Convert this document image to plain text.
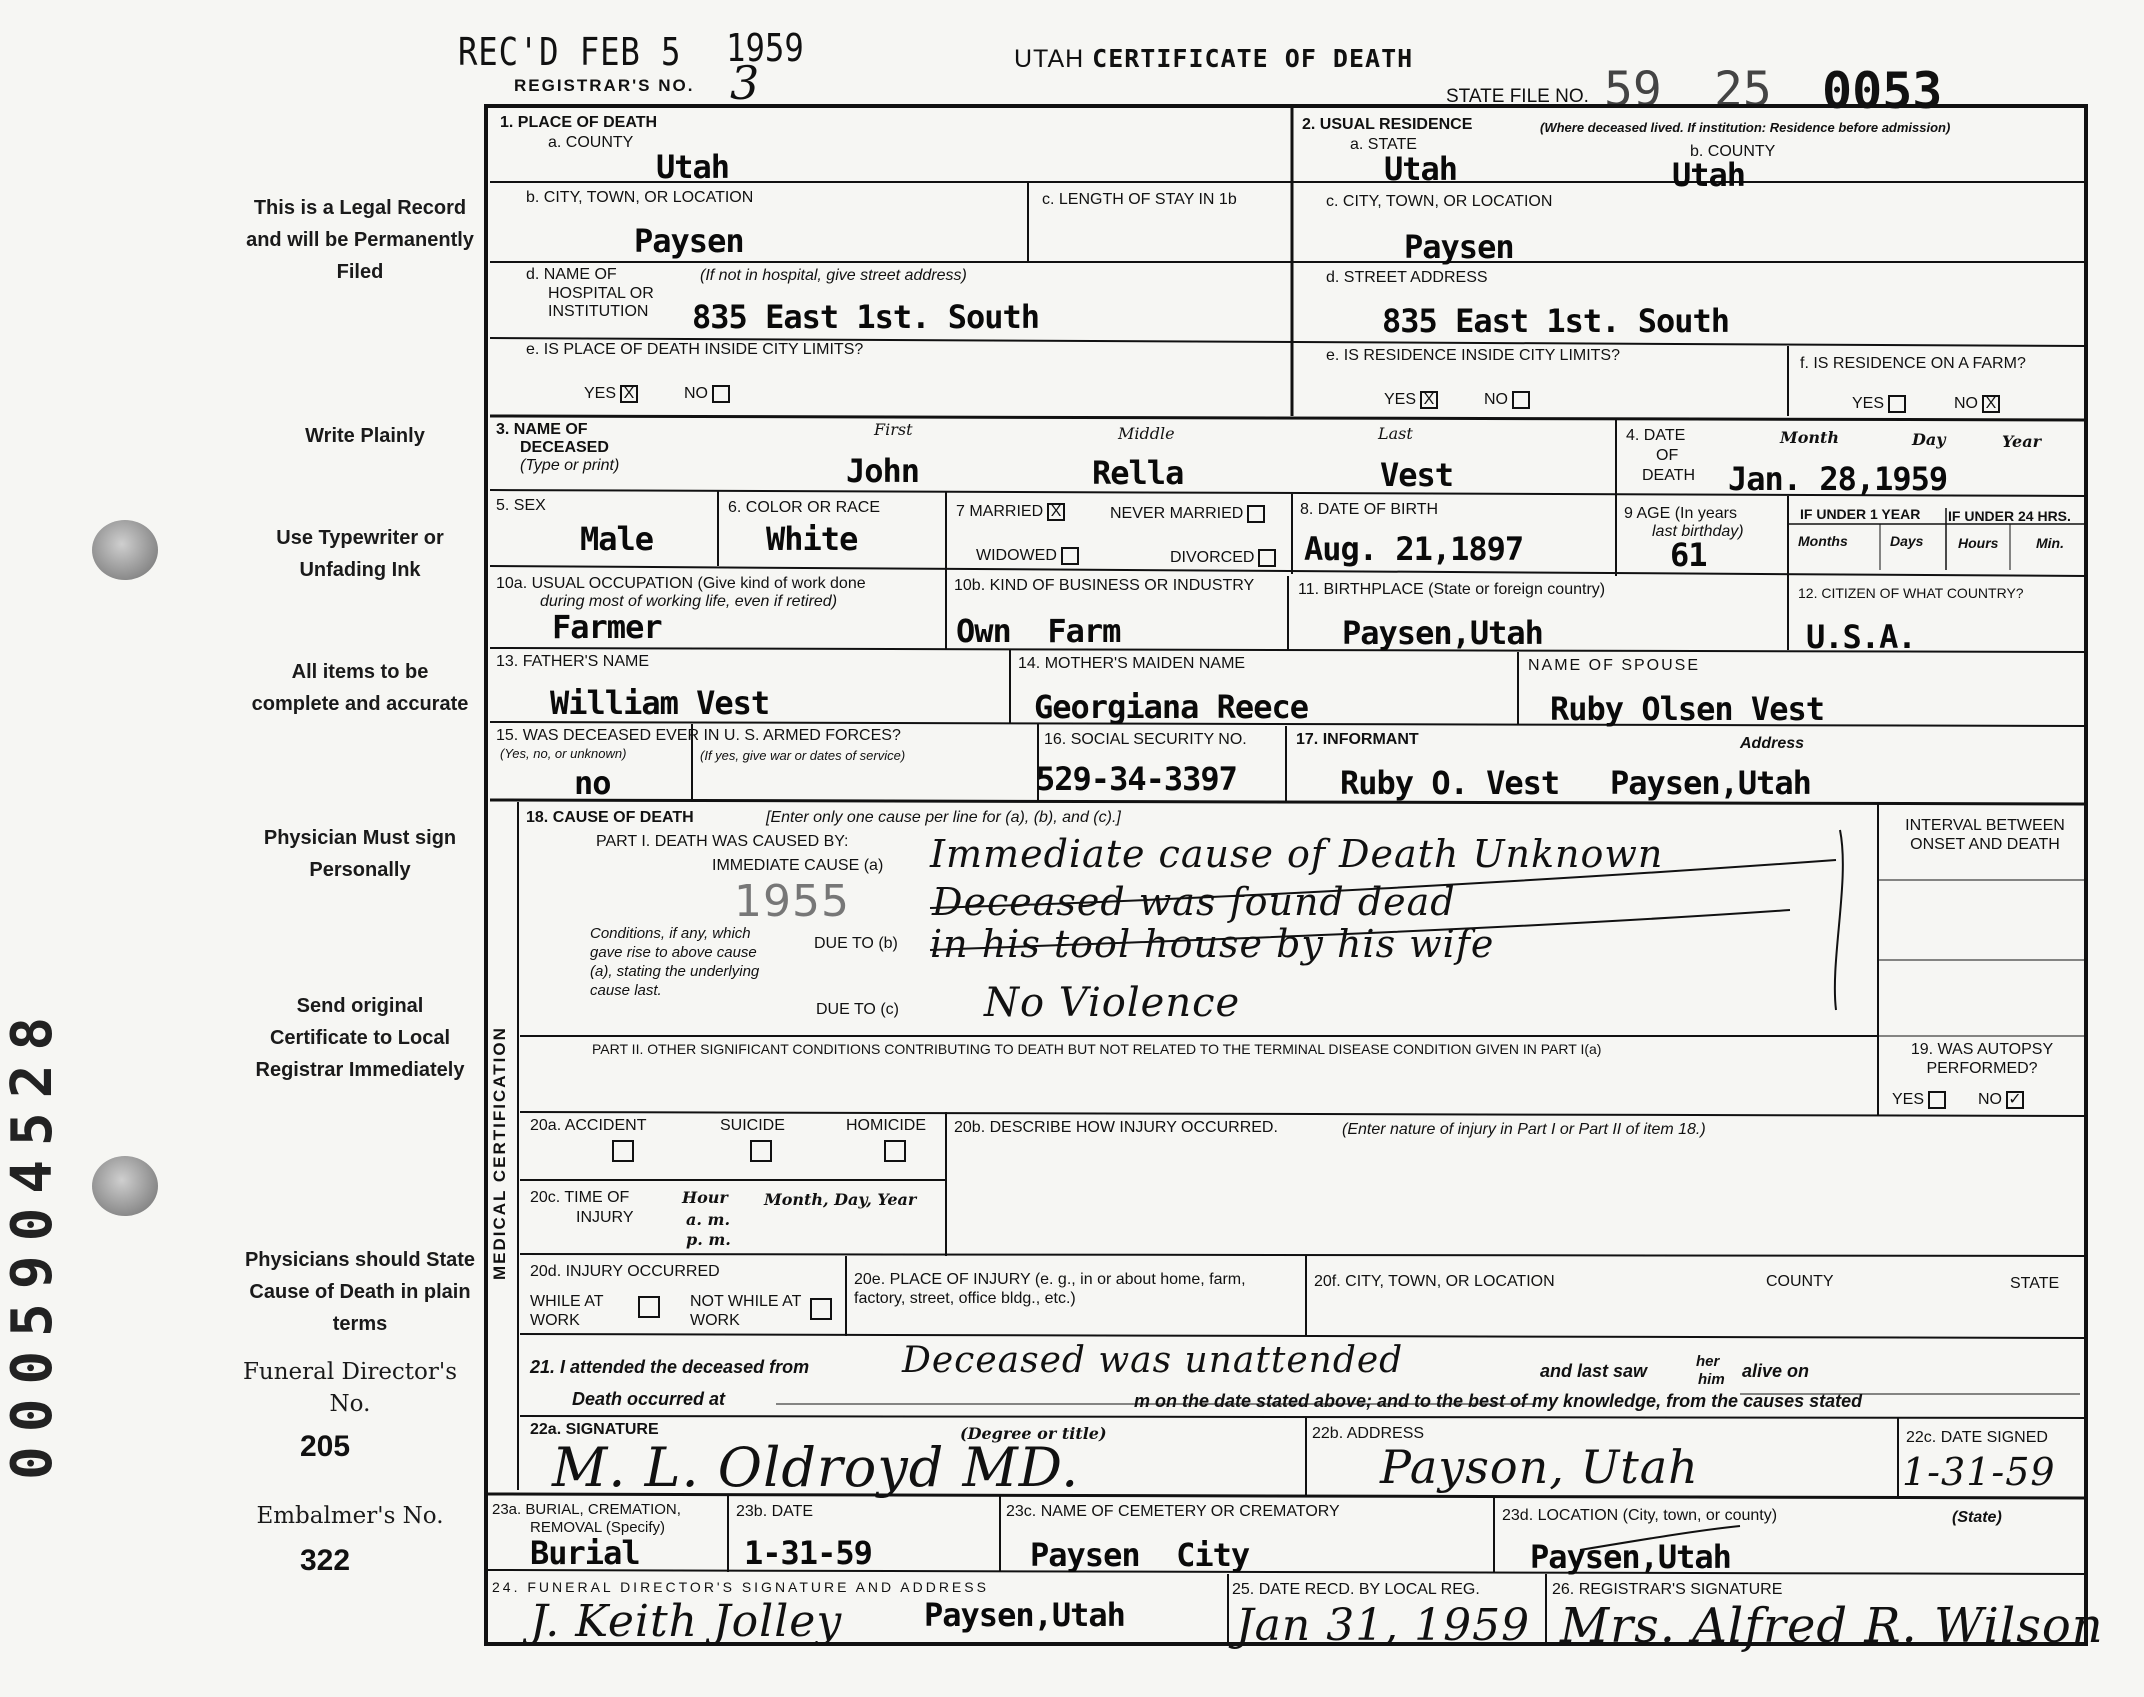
0005904528
This is a Legal Record and will be Permanently Filed
Write Plainly
Use Typewriter or Unfading Ink
All items to be complete and accurate
Physician Must sign Personally
Send original Certificate to Local Registrar Immediately
Physicians should State Cause of Death in plain terms
Funeral Director's No.
205
Embalmer's No.
322
REC'D FEB 5 1959
REGISTRAR'S NO. 3	UTAH CERTIFICATE OF DEATH
STATE FILE NO. 59 25 0053
1. PLACE OF DEATH
a. COUNTY
Utah
b. CITY, TOWN, OR LOCATION
Paysen
c. LENGTH OF STAY IN 1b
d. NAME OF
HOSPITAL OR
INSTITUTION
(If not in hospital, give street address)
835 East 1st. South
e. IS PLACE OF DEATH INSIDE CITY LIMITS?
YES X	NO
2. USUAL RESIDENCE	(Where deceased lived. If institution: Residence before admission)
a. STATE	b. COUNTY
Utah	Utah
c. CITY, TOWN, OR LOCATION
Paysen
d. STREET ADDRESS
835 East 1st. South
e. IS RESIDENCE INSIDE CITY LIMITS?	f. IS RESIDENCE ON A FARM?
YES X	NO	YES	NO X
3. NAME OF
DECEASED
(Type or print)
First	Middle	Last
John	Rella	Vest
4. DATE
OF
DEATH
Month	Day	Year
Jan. 28,1959
5. SEX
Male
6. COLOR OR RACE
White
7 MARRIED X	NEVER MARRIED
WIDOWED	DIVORCED
8. DATE OF BIRTH
Aug. 21,1897
9 AGE (In years
last birthday)
61
IF UNDER 1 YEAR IF UNDER 24 HRS.
Months	Days Hours	Min.
10a. USUAL OCCUPATION (Give kind of work done
during most of working life, even if retired)
Farmer
10b. KIND OF BUSINESS OR INDUSTRY
Own  Farm
11. BIRTHPLACE (State or foreign country)
Paysen,Utah
12. CITIZEN OF WHAT COUNTRY?
U.S.A.
13. FATHER'S NAME
William Vest
14. MOTHER'S MAIDEN NAME
Georgiana Reece
NAME OF SPOUSE
Ruby Olsen Vest
15. WAS DECEASED EVER IN U. S. ARMED FORCES?
(Yes, no, or unknown)	(If yes, give war or dates of service)
no
16. SOCIAL SECURITY NO.
529-34-3397
17. INFORMANT	Address
Ruby O. Vest Paysen,Utah
MEDICAL CERTIFICATION
18. CAUSE OF DEATH	[Enter only one cause per line for (a), (b), and (c).]
PART I. DEATH WAS CAUSED BY:
IMMEDIATE CAUSE (a) Immediate cause of Death Unknown
INTERVAL BETWEEN ONSET AND DEATH
1955
Conditions, if any, which gave rise to above cause (a), stating the underlying cause last.
DUE TO (b)
Deceased was found dead
in his tool house by his wife
DUE TO (c) No Violence
PART II. OTHER SIGNIFICANT CONDITIONS CONTRIBUTING TO DEATH BUT NOT RELATED TO THE TERMINAL DISEASE CONDITION GIVEN IN PART I(a)	19. WAS AUTOPSY PERFORMED?
YES	NO ✓
20a. ACCIDENT	SUICIDE	HOMICIDE 20b. DESCRIBE HOW INJURY OCCURRED.	(Enter nature of injury in Part I or Part II of item 18.)
20c. TIME OF
INJURY
Hour
a. m.
p. m.
Month, Day, Year
20d. INJURY OCCURRED
WHILE AT WORK
NOT WHILE AT WORK
20e. PLACE OF INJURY (e. g., in or about home, farm, factory, street, office bldg., etc.)
20f. CITY, TOWN, OR LOCATION	COUNTY	STATE
21. I attended the deceased from	Deceased was unattended	and last saw	her
him alive on
Death occurred at	m on the date stated above; and to the best of my knowledge, from the causes stated
22a. SIGNATURE	(Degree or title)
M. L. Oldroyd MD.
22b. ADDRESS
Payson, Utah
22c. DATE SIGNED
1-31-59
23a. BURIAL, CREMATION,
REMOVAL (Specify)
Burial
23b. DATE
1-31-59
23c. NAME OF CEMETERY OR CREMATORY
Paysen  City
23d. LOCATION (City, town, or county)	(State)
Paysen,Utah
24. FUNERAL DIRECTOR'S SIGNATURE AND ADDRESS
J. Keith Jolley	Paysen,Utah
25. DATE RECD. BY LOCAL REG.
Jan 31, 1959
26. REGISTRAR'S SIGNATURE
Mrs. Alfred R. Wilson
